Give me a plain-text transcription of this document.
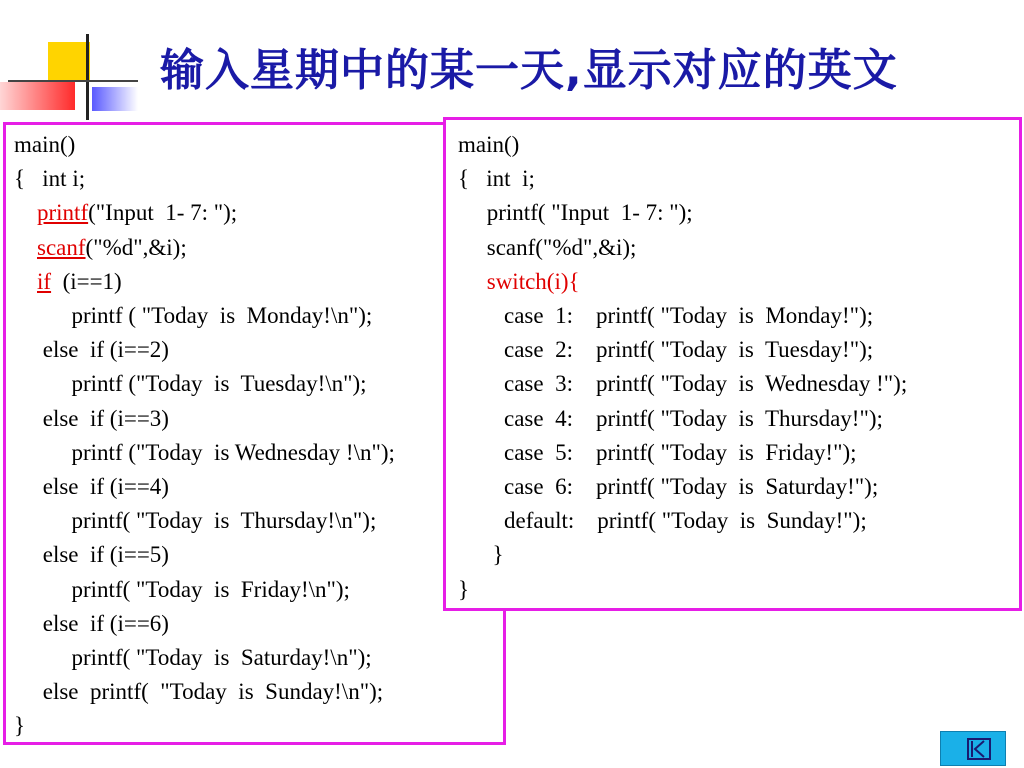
输入星期中的某一天,显示对应的英文
main()
{   int i;
printf("Input  1- 7: ");
scanf("%d",&i);
if  (i==1)
printf ( "Today  is  Monday!\n");
else  if (i==2)
printf ("Today  is  Tuesday!\n");
else  if (i==3)
printf ("Today  is Wednesday !\n");
else  if (i==4)
printf( "Today  is  Thursday!\n");
else  if (i==5)
printf( "Today  is  Friday!\n");
else  if (i==6)
printf( "Today  is  Saturday!\n");
else  printf(  "Today  is  Sunday!\n");
}
main()
{   int  i;
printf( "Input  1- 7: ");
scanf("%d",&i);
switch(i){
case  1:    printf( "Today  is  Monday!");
case  2:    printf( "Today  is  Tuesday!");
case  3:    printf( "Today  is  Wednesday !");
case  4:    printf( "Today  is  Thursday!");
case  5:    printf( "Today  is  Friday!");
case  6:    printf( "Today  is  Saturday!");
default:    printf( "Today  is  Sunday!");
}
}
